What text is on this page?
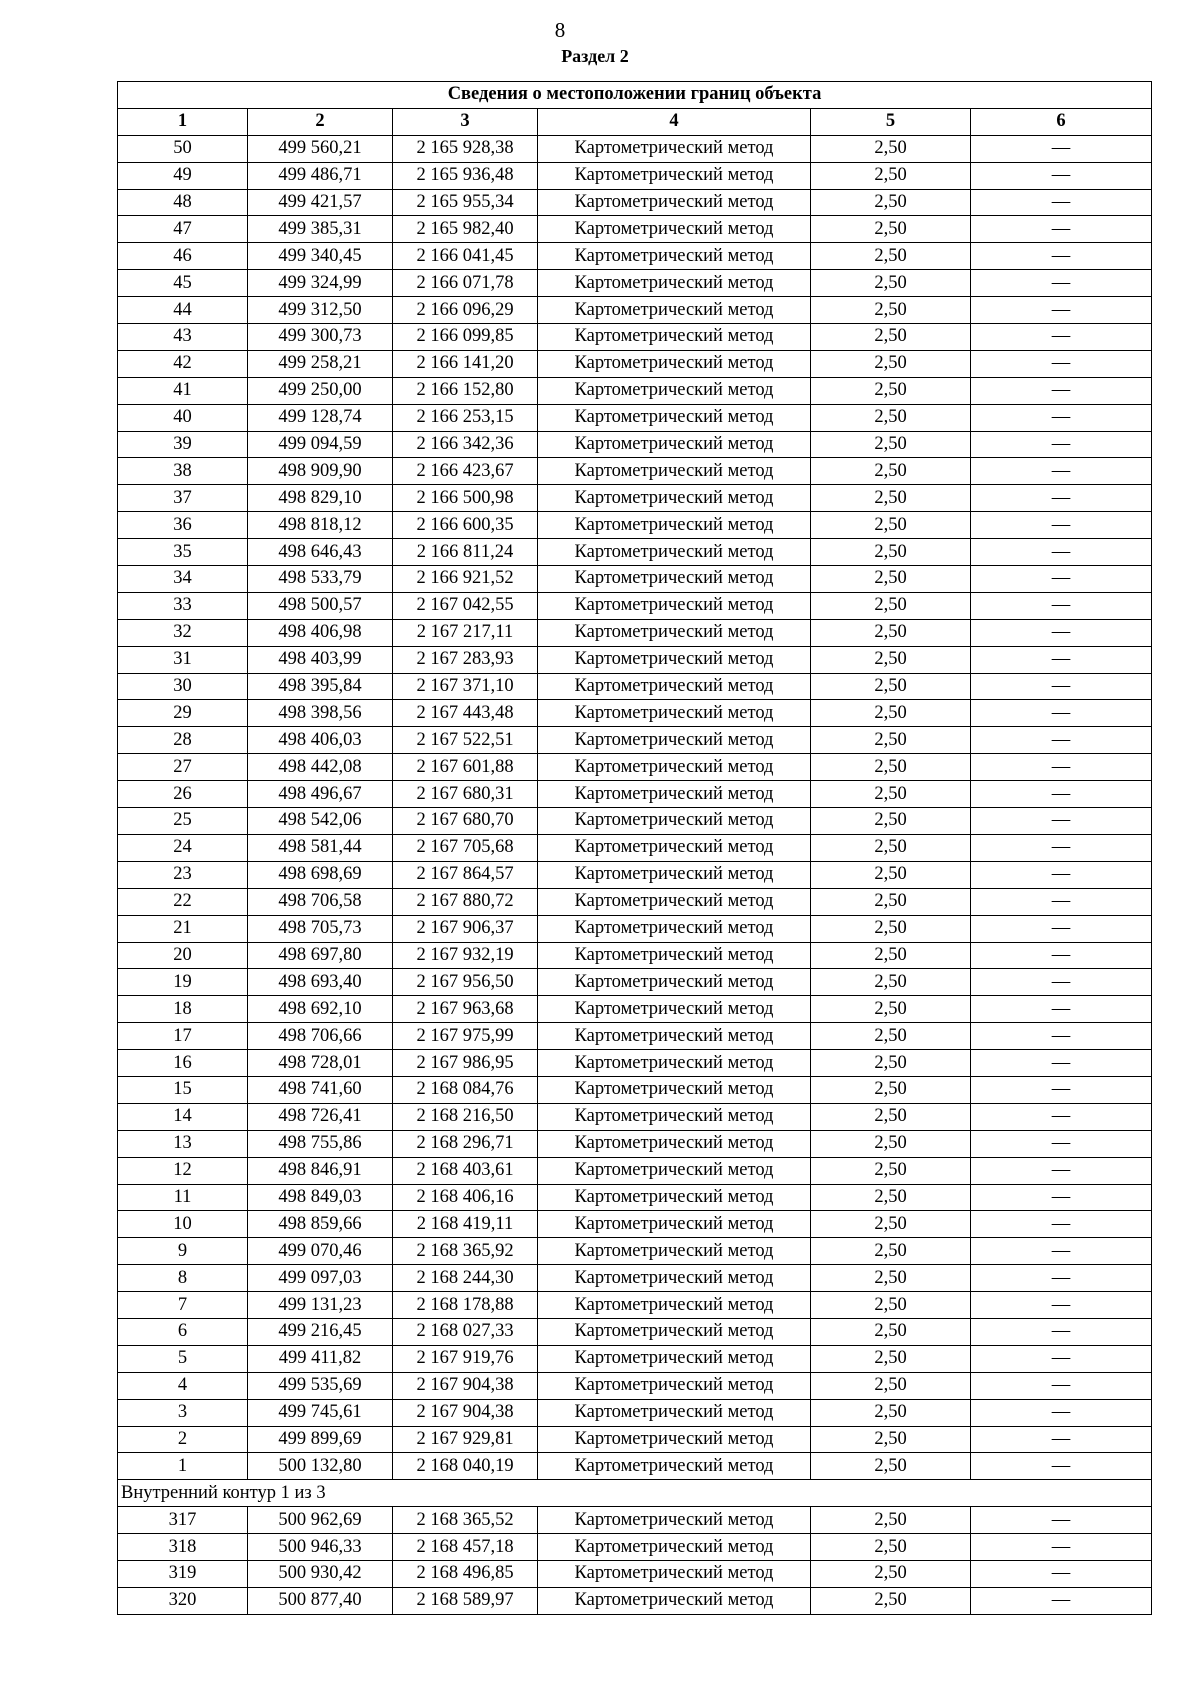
8
Раздел 2
Сведения о местоположении границ объекта					
1	2	3	4	5	6
50	499 560,21	2 165 928,38	Картометрический метод	2,50	—
49	499 486,71	2 165 936,48	Картометрический метод	2,50	—
48	499 421,57	2 165 955,34	Картометрический метод	2,50	—
47	499 385,31	2 165 982,40	Картометрический метод	2,50	—
46	499 340,45	2 166 041,45	Картометрический метод	2,50	—
45	499 324,99	2 166 071,78	Картометрический метод	2,50	—
44	499 312,50	2 166 096,29	Картометрический метод	2,50	—
43	499 300,73	2 166 099,85	Картометрический метод	2,50	—
42	499 258,21	2 166 141,20	Картометрический метод	2,50	—
41	499 250,00	2 166 152,80	Картометрический метод	2,50	—
40	499 128,74	2 166 253,15	Картометрический метод	2,50	—
39	499 094,59	2 166 342,36	Картометрический метод	2,50	—
38	498 909,90	2 166 423,67	Картометрический метод	2,50	—
37	498 829,10	2 166 500,98	Картометрический метод	2,50	—
36	498 818,12	2 166 600,35	Картометрический метод	2,50	—
35	498 646,43	2 166 811,24	Картометрический метод	2,50	—
34	498 533,79	2 166 921,52	Картометрический метод	2,50	—
33	498 500,57	2 167 042,55	Картометрический метод	2,50	—
32	498 406,98	2 167 217,11	Картометрический метод	2,50	—
31	498 403,99	2 167 283,93	Картометрический метод	2,50	—
30	498 395,84	2 167 371,10	Картометрический метод	2,50	—
29	498 398,56	2 167 443,48	Картометрический метод	2,50	—
28	498 406,03	2 167 522,51	Картометрический метод	2,50	—
27	498 442,08	2 167 601,88	Картометрический метод	2,50	—
26	498 496,67	2 167 680,31	Картометрический метод	2,50	—
25	498 542,06	2 167 680,70	Картометрический метод	2,50	—
24	498 581,44	2 167 705,68	Картометрический метод	2,50	—
23	498 698,69	2 167 864,57	Картометрический метод	2,50	—
22	498 706,58	2 167 880,72	Картометрический метод	2,50	—
21	498 705,73	2 167 906,37	Картометрический метод	2,50	—
20	498 697,80	2 167 932,19	Картометрический метод	2,50	—
19	498 693,40	2 167 956,50	Картометрический метод	2,50	—
18	498 692,10	2 167 963,68	Картометрический метод	2,50	—
17	498 706,66	2 167 975,99	Картометрический метод	2,50	—
16	498 728,01	2 167 986,95	Картометрический метод	2,50	—
15	498 741,60	2 168 084,76	Картометрический метод	2,50	—
14	498 726,41	2 168 216,50	Картометрический метод	2,50	—
13	498 755,86	2 168 296,71	Картометрический метод	2,50	—
12	498 846,91	2 168 403,61	Картометрический метод	2,50	—
11	498 849,03	2 168 406,16	Картометрический метод	2,50	—
10	498 859,66	2 168 419,11	Картометрический метод	2,50	—
9	499 070,46	2 168 365,92	Картометрический метод	2,50	—
8	499 097,03	2 168 244,30	Картометрический метод	2,50	—
7	499 131,23	2 168 178,88	Картометрический метод	2,50	—
6	499 216,45	2 168 027,33	Картометрический метод	2,50	—
5	499 411,82	2 167 919,76	Картометрический метод	2,50	—
4	499 535,69	2 167 904,38	Картометрический метод	2,50	—
3	499 745,61	2 167 904,38	Картометрический метод	2,50	—
2	499 899,69	2 167 929,81	Картометрический метод	2,50	—
1	500 132,80	2 168 040,19	Картометрический метод	2,50	—
Внутренний контур 1 из 3					
317	500 962,69	2 168 365,52	Картометрический метод	2,50	—
318	500 946,33	2 168 457,18	Картометрический метод	2,50	—
319	500 930,42	2 168 496,85	Картометрический метод	2,50	—
320	500 877,40	2 168 589,97	Картометрический метод	2,50	—
